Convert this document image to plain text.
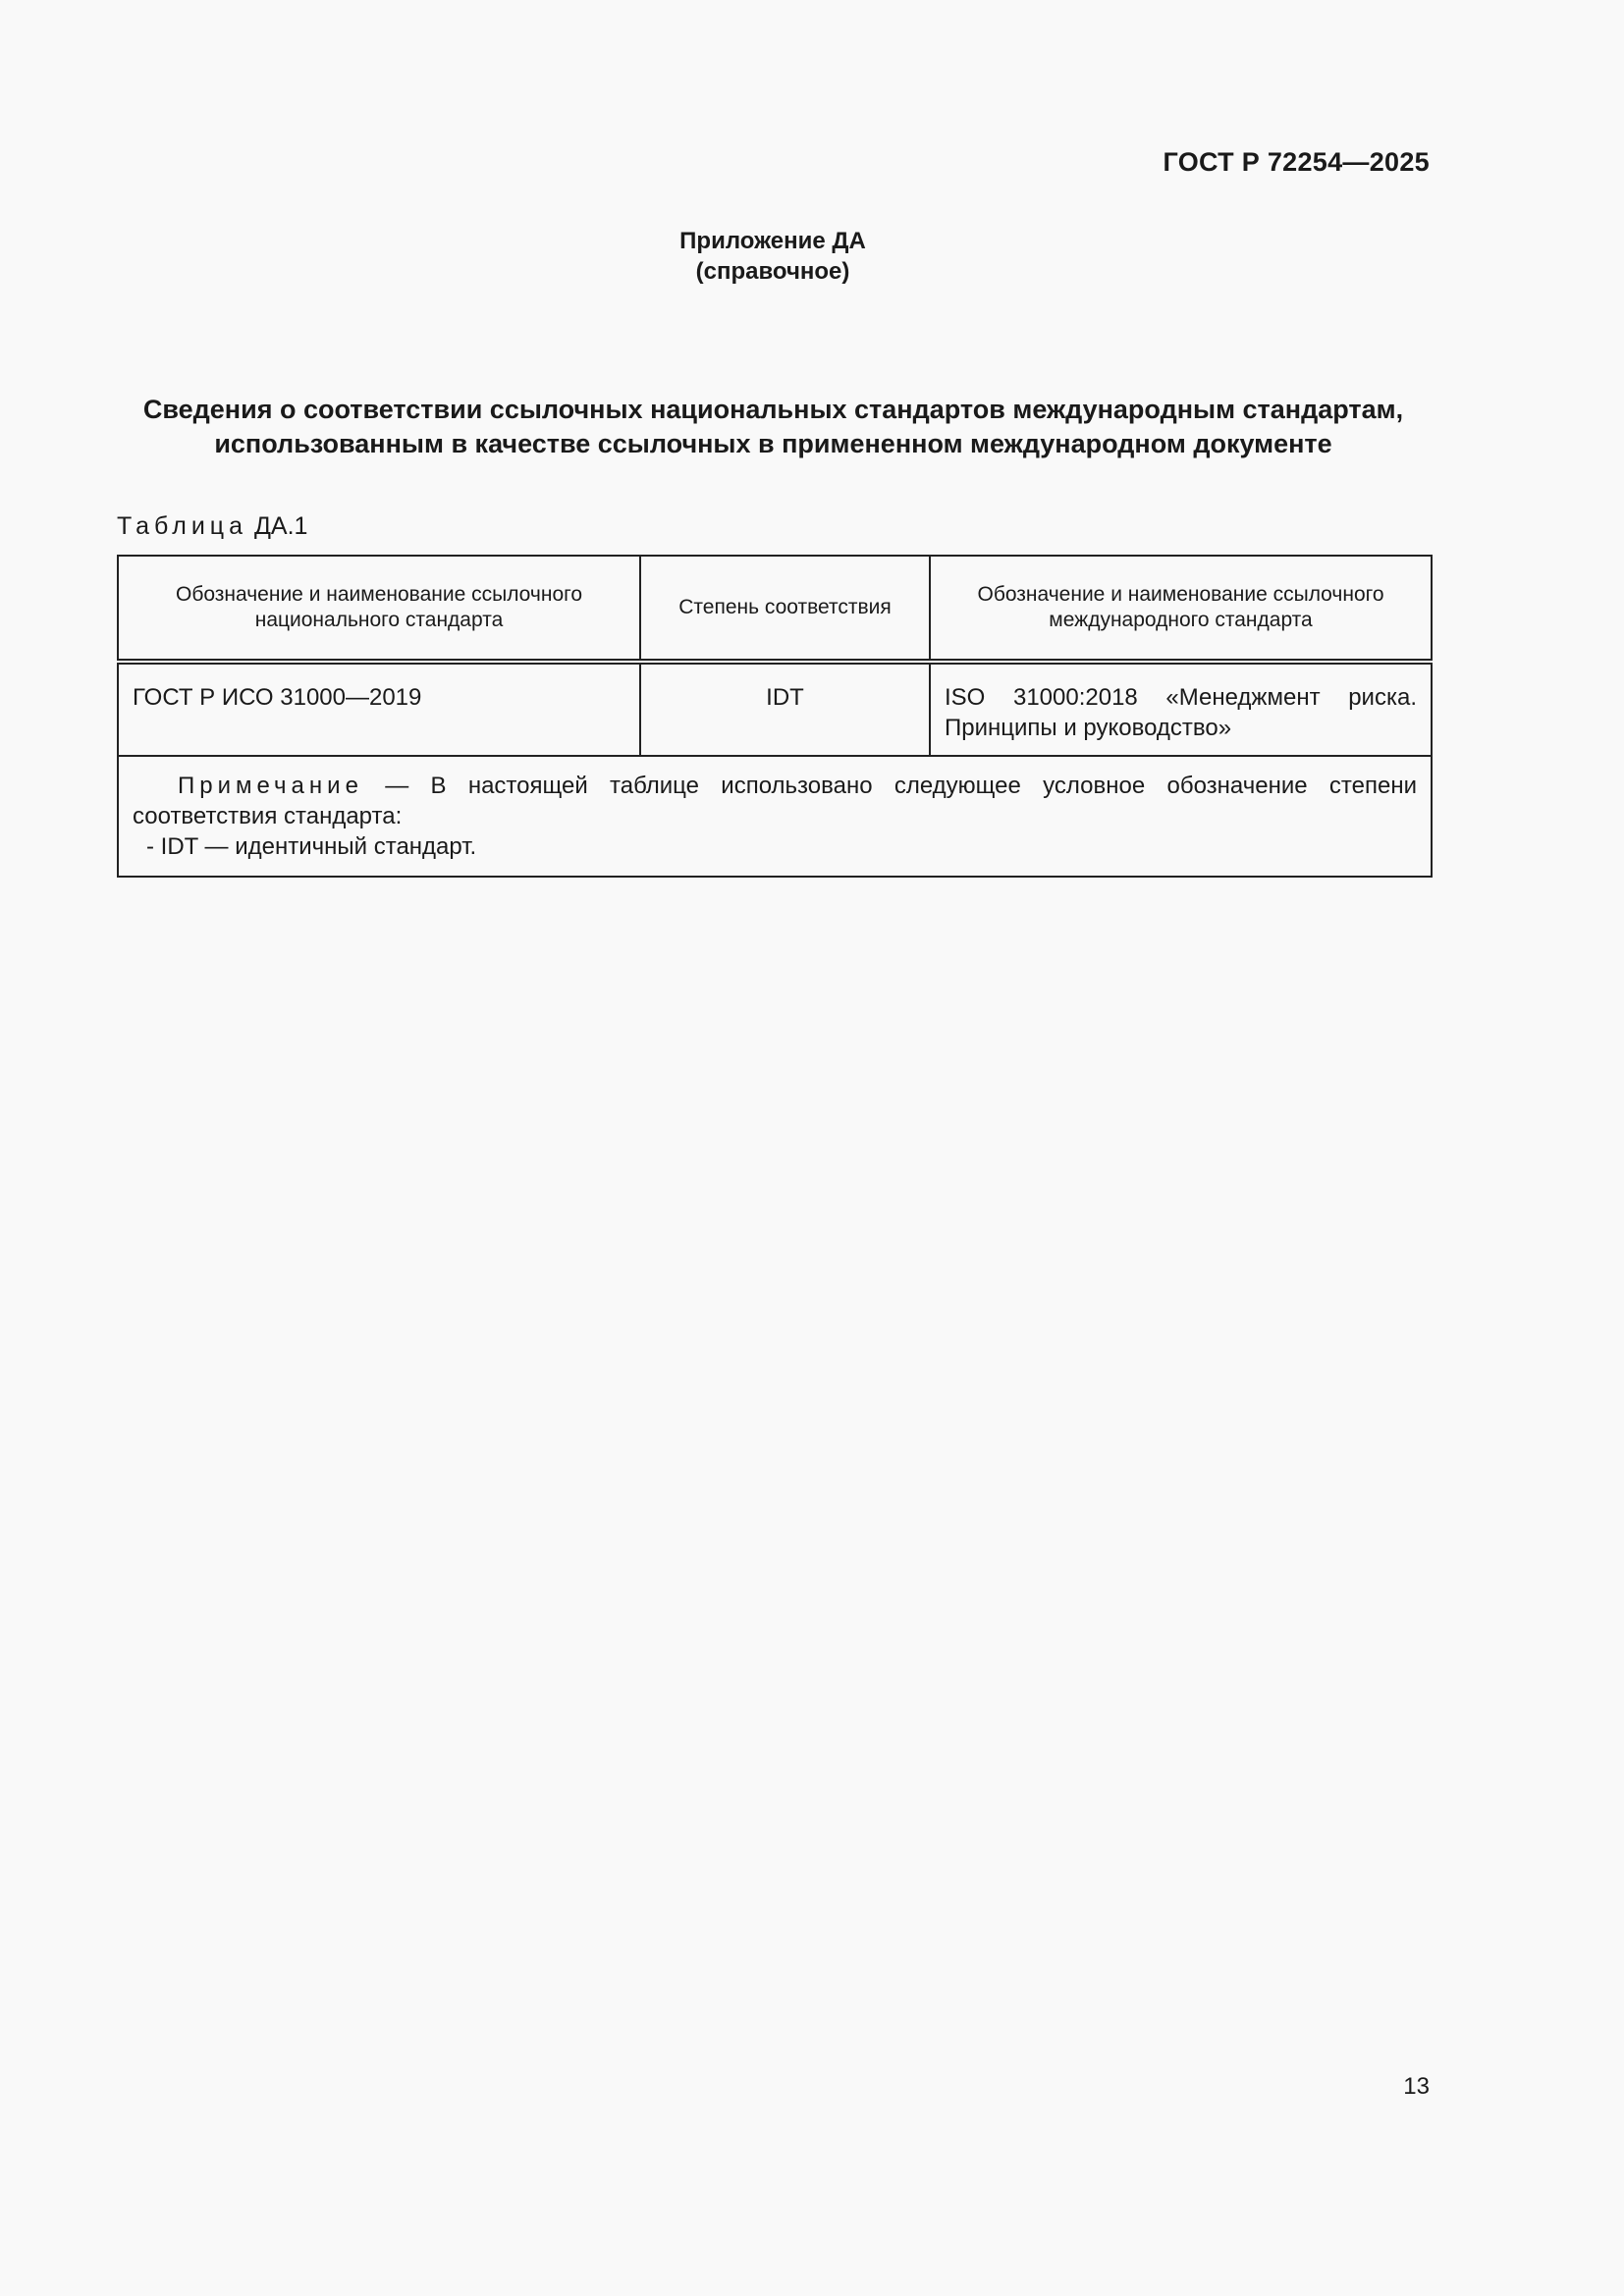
ГОСТ Р 72254—2025
Приложение ДА
(справочное)
Сведения о соответствии ссылочных национальных стандартов международным стандартам,
использованным в качестве ссылочных в примененном международном документе
Таблица ДА.1
Обозначение и наименование ссылочного национального стандарта	Степень соответствия	Обозначение и наименование ссылочного международного стандарта
ГОСТ Р ИСО 31000—2019	IDT	ISO 31000:2018 «Менеджмент риска. Принципы и руководство»
Примечание — В настоящей таблице использовано следующее условное обозначение степени соответствия стандарта:
- IDT — идентичный стандарт.		
13
